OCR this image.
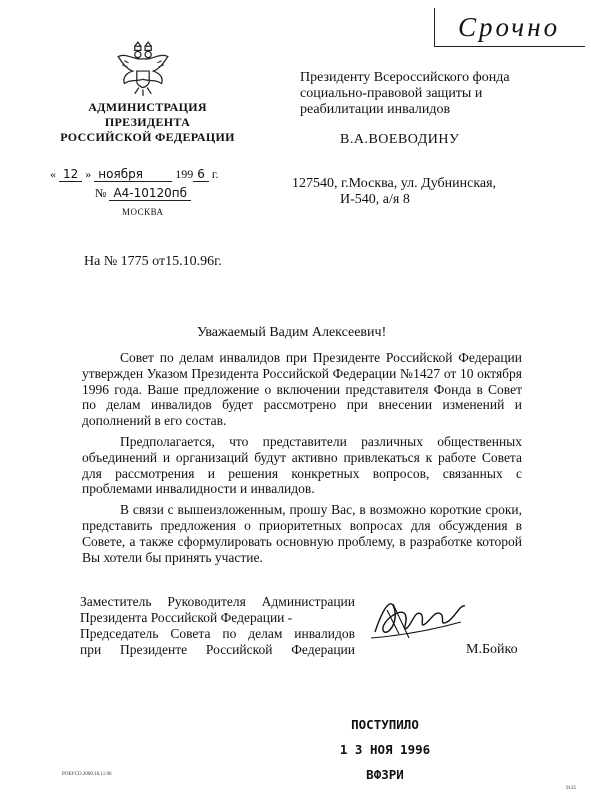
Срочно
АДМИНИСТРАЦИЯ
ПРЕЗИДЕНТА
РОССИЙСКОЙ ФЕДЕРАЦИИ
« 12 » ноября	199 6 г.
№ А4-10120пб
МОСКВА
Президенту Всероссийского фонда социально-правовой защиты и реабилитации инвалидов
В.А.ВОЕВОДИНУ
127540, г.Москва, ул. Дубнинская,
И-540, а/я 8
На № 1775 от15.10.96г.
Уважаемый Вадим Алексеевич!

Совет по делам инвалидов при Президенте Российской Федерации утвержден Указом Президента Российской Федерации №1427 от 10 октября 1996 года. Ваше предложение о включении представителя Фонда в Совет по делам инвалидов будет рассмотрено при внесении изменений и дополнений в его состав.

Предполагается, что представители различных общественных объединений и организаций будут активно привлекаться к работе Совета для рассмотрения и решения конкретных вопросов, связанных с проблемами инвалидности и инвалидов.

В связи с вышеизложенным, прошу Вас, в возможно короткие сроки, представить предложения о приоритетных вопросах для обсуждения в Совете, а также сформулировать основную проблему, в разработке которой Вы хотели бы принять участие.

Заместитель Руководителя Администрации
Президента Российской Федерации -
Председатель Совета по делам инвалидов
при Президенте Российской Федерации	М.Бойко
ПОСТУПИЛО
1 3 НОЯ 1996
ВФЗРИ
РОБУСО.2000.18.11.96
9125
